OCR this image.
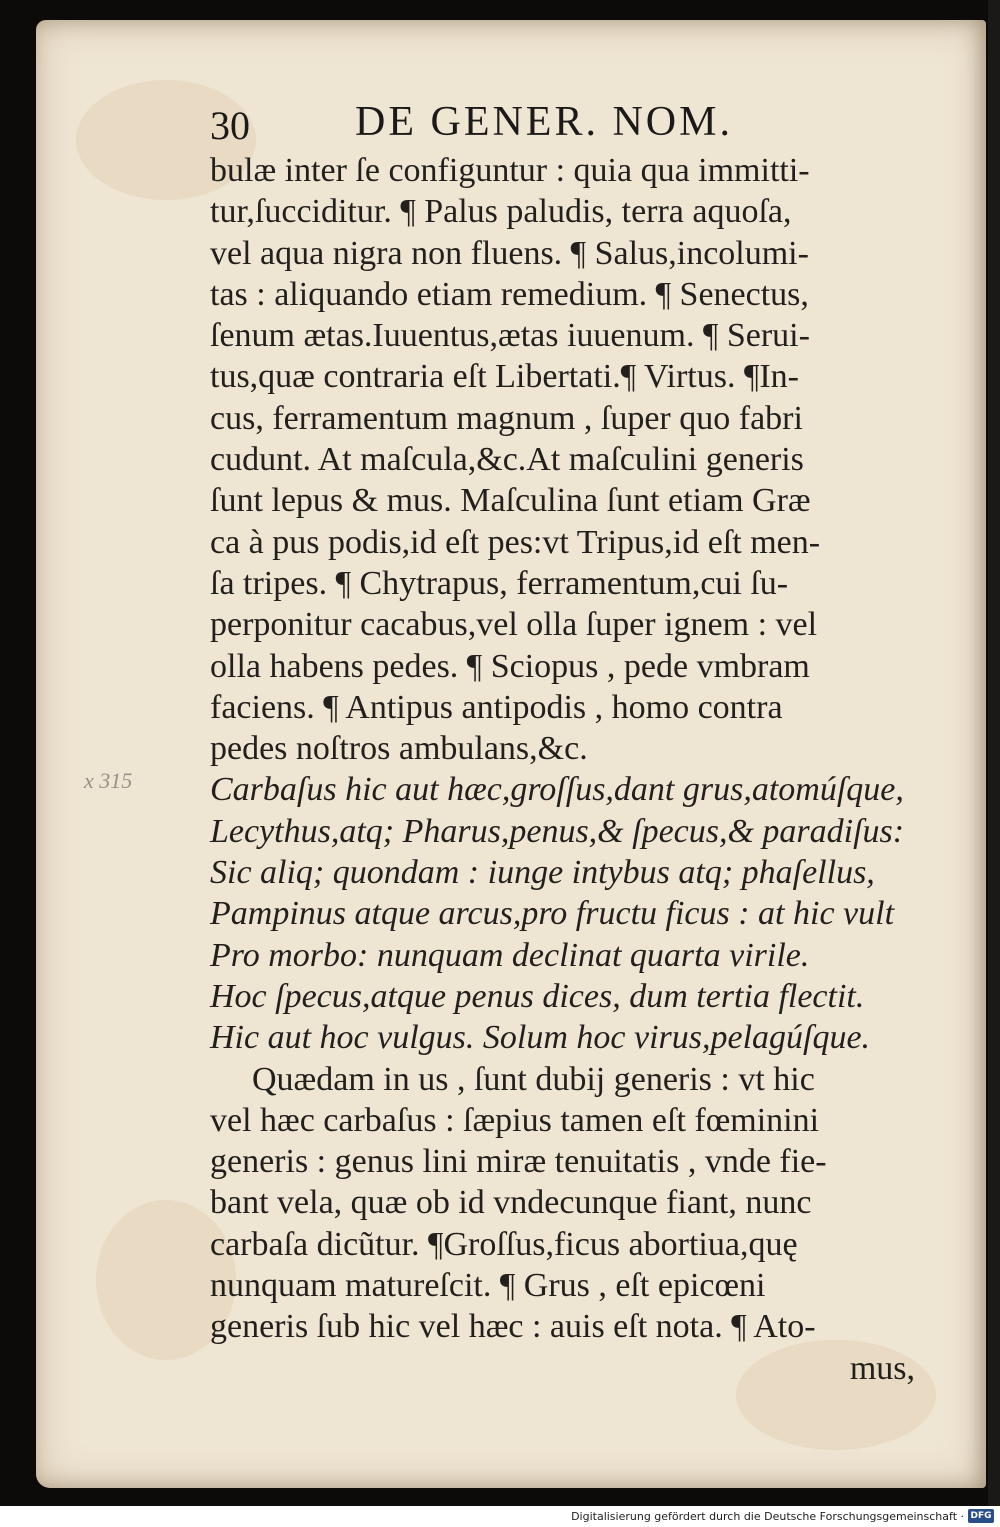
30	DE GENER. NOM.
x 315
bulæ inter ſe configuntur : quia qua immitti-
tur,ſucciditur. ¶ Palus paludis, terra aquoſa,
vel aqua nigra non fluens. ¶ Salus,incolumi-
tas : aliquando etiam remedium. ¶ Senectus,
ſenum ætas.Iuuentus,ætas iuuenum. ¶ Serui-
tus,quæ contraria eſt Libertati.¶ Virtus. ¶In-
cus, ferramentum magnum , ſuper quo fabri
cudunt. At maſcula,&c.At maſculini generis
ſunt lepus & mus. Maſculina ſunt etiam Græ
ca à pus podis,id eſt pes:vt Tripus,id eſt men-
ſa tripes. ¶ Chytrapus, ferramentum,cui ſu-
perponitur cacabus,vel olla ſuper ignem : vel
olla habens pedes. ¶ Sciopus , pede vmbram
faciens. ¶ Antipus antipodis , homo contra
pedes noſtros ambulans,&c.
Carbaſus hic aut hæc,groſſus,dant grus,atomúſque,
Lecythus,atq; Pharus,penus,& ſpecus,& paradiſus:
Sic aliq; quondam : iunge intybus atq; phaſellus,
Pampinus atque arcus,pro fructu ficus : at hic vult
Pro morbo: nunquam declinat quarta virile.
Hoc ſpecus,atque penus dices, dum tertia flectit.
Hic aut hoc vulgus. Solum hoc virus,pelagúſque.
Quædam in us , ſunt dubij generis : vt hic
vel hæc carbaſus : ſæpius tamen eſt fœminini
generis : genus lini miræ tenuitatis , vnde fie-
bant vela, quæ ob id vndecunque fiant, nunc
carbaſa dicũtur. ¶Groſſus,ficus abortiua,quę
nunquam matureſcit. ¶ Grus , eſt epicœni
generis ſub hic vel hæc : auis eſt nota. ¶ Ato-
mus,
Digitalisierung gefördert durch die Deutsche Forschungsgemeinschaft · DFG
